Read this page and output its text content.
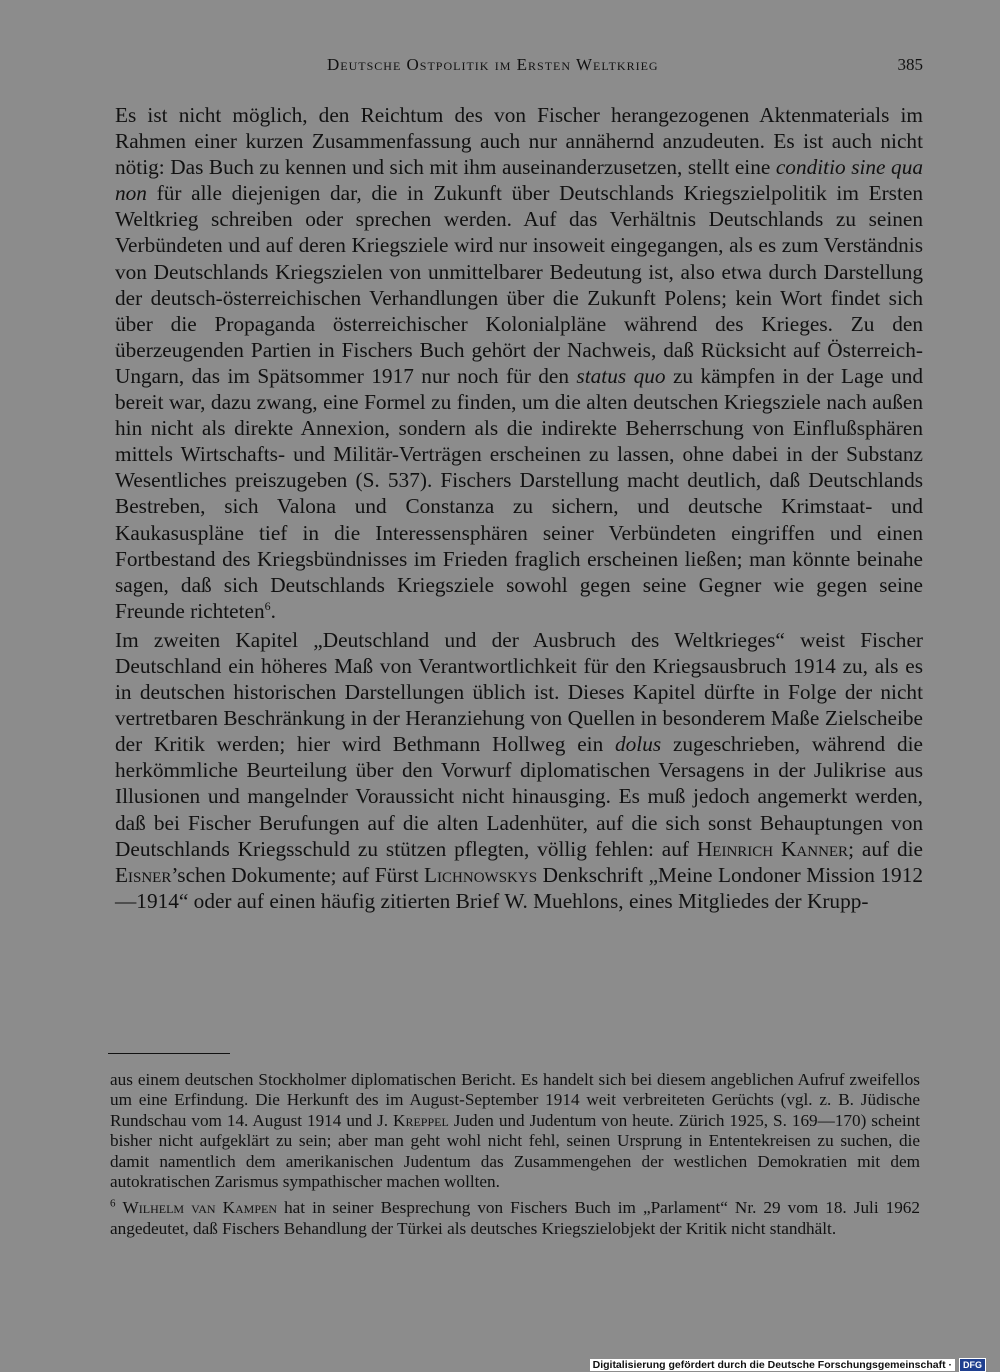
Deutsche Ostpolitik im Ersten Weltkrieg	385

Es ist nicht möglich, den Reichtum des von Fischer herangezogenen Aktenmaterials im Rahmen einer kurzen Zusammenfassung auch nur annähernd anzudeuten. Es ist auch nicht nötig: Das Buch zu kennen und sich mit ihm auseinanderzusetzen, stellt eine conditio sine qua non für alle diejenigen dar, die in Zukunft über Deutschlands Kriegszielpolitik im Ersten Weltkrieg schreiben oder sprechen werden. Auf das Verhältnis Deutschlands zu seinen Verbündeten und auf deren Kriegsziele wird nur insoweit eingegangen, als es zum Verständnis von Deutschlands Kriegszielen von unmittelbarer Bedeutung ist, also etwa durch Darstellung der deutsch-österreichischen Verhandlungen über die Zukunft Polens; kein Wort findet sich über die Propaganda österreichischer Kolonialpläne während des Krieges. Zu den überzeugenden Partien in Fischers Buch gehört der Nachweis, daß Rücksicht auf Österreich-Ungarn, das im Spätsommer 1917 nur noch für den status quo zu kämpfen in der Lage und bereit war, dazu zwang, eine Formel zu finden, um die alten deutschen Kriegsziele nach außen hin nicht als direkte Annexion, sondern als die indirekte Beherrschung von Einflußsphären mittels Wirtschafts- und Militär-Verträgen erscheinen zu lassen, ohne dabei in der Substanz Wesentliches preiszugeben (S. 537). Fischers Darstellung macht deutlich, daß Deutschlands Bestreben, sich Valona und Constanza zu sichern, und deutsche Krimstaat- und Kaukasuspläne tief in die Interessensphären seiner Verbündeten eingriffen und einen Fortbestand des Kriegsbündnisses im Frieden fraglich erscheinen ließen; man könnte beinahe sagen, daß sich Deutschlands Kriegsziele sowohl gegen seine Gegner wie gegen seine Freunde richteten$^6$.

Im zweiten Kapitel „Deutschland und der Ausbruch des Weltkrieges“ weist Fischer Deutschland ein höheres Maß von Verantwortlichkeit für den Kriegsausbruch 1914 zu, als es in deutschen historischen Darstellungen üblich ist. Dieses Kapitel dürfte in Folge der nicht vertretbaren Beschränkung in der Heranziehung von Quellen in besonderem Maße Zielscheibe der Kritik werden; hier wird Bethmann Hollweg ein dolus zugeschrieben, während die herkömmliche Beurteilung über den Vorwurf diplomatischen Versagens in der Julikrise aus Illusionen und mangelnder Voraussicht nicht hinausging. Es muß jedoch angemerkt werden, daß bei Fischer Berufungen auf die alten Ladenhüter, auf die sich sonst Behauptungen von Deutschlands Kriegsschuld zu stützen pflegten, völlig fehlen: auf Heinrich Kanner; auf die Eisner’schen Dokumente; auf Fürst Lichnowskys Denkschrift „Meine Londoner Mission 1912—1914“ oder auf einen häufig zitierten Brief W. Muehlons, eines Mitgliedes der Krupp-

aus einem deutschen Stockholmer diplomatischen Bericht. Es handelt sich bei diesem angeblichen Aufruf zweifellos um eine Erfindung. Die Herkunft des im August-September 1914 weit verbreiteten Gerüchts (vgl. z. B. Jüdische Rundschau vom 14. August 1914 und J. Kreppel Juden und Judentum von heute. Zürich 1925, S. 169—170) scheint bisher nicht aufgeklärt zu sein; aber man geht wohl nicht fehl, seinen Ursprung in Ententekreisen zu suchen, die damit namentlich dem amerikanischen Judentum das Zusammengehen der westlichen Demokratien mit dem autokratischen Zarismus sympathischer machen wollten.

$^6$ Wilhelm van Kampen hat in seiner Besprechung von Fischers Buch im „Parlament“ Nr. 29 vom 18. Juli 1962 angedeutet, daß Fischers Behandlung der Türkei als deutsches Kriegszielobjekt der Kritik nicht standhält.

Digitalisierung gefördert durch die Deutsche Forschungsgemeinschaft ·	DFG
